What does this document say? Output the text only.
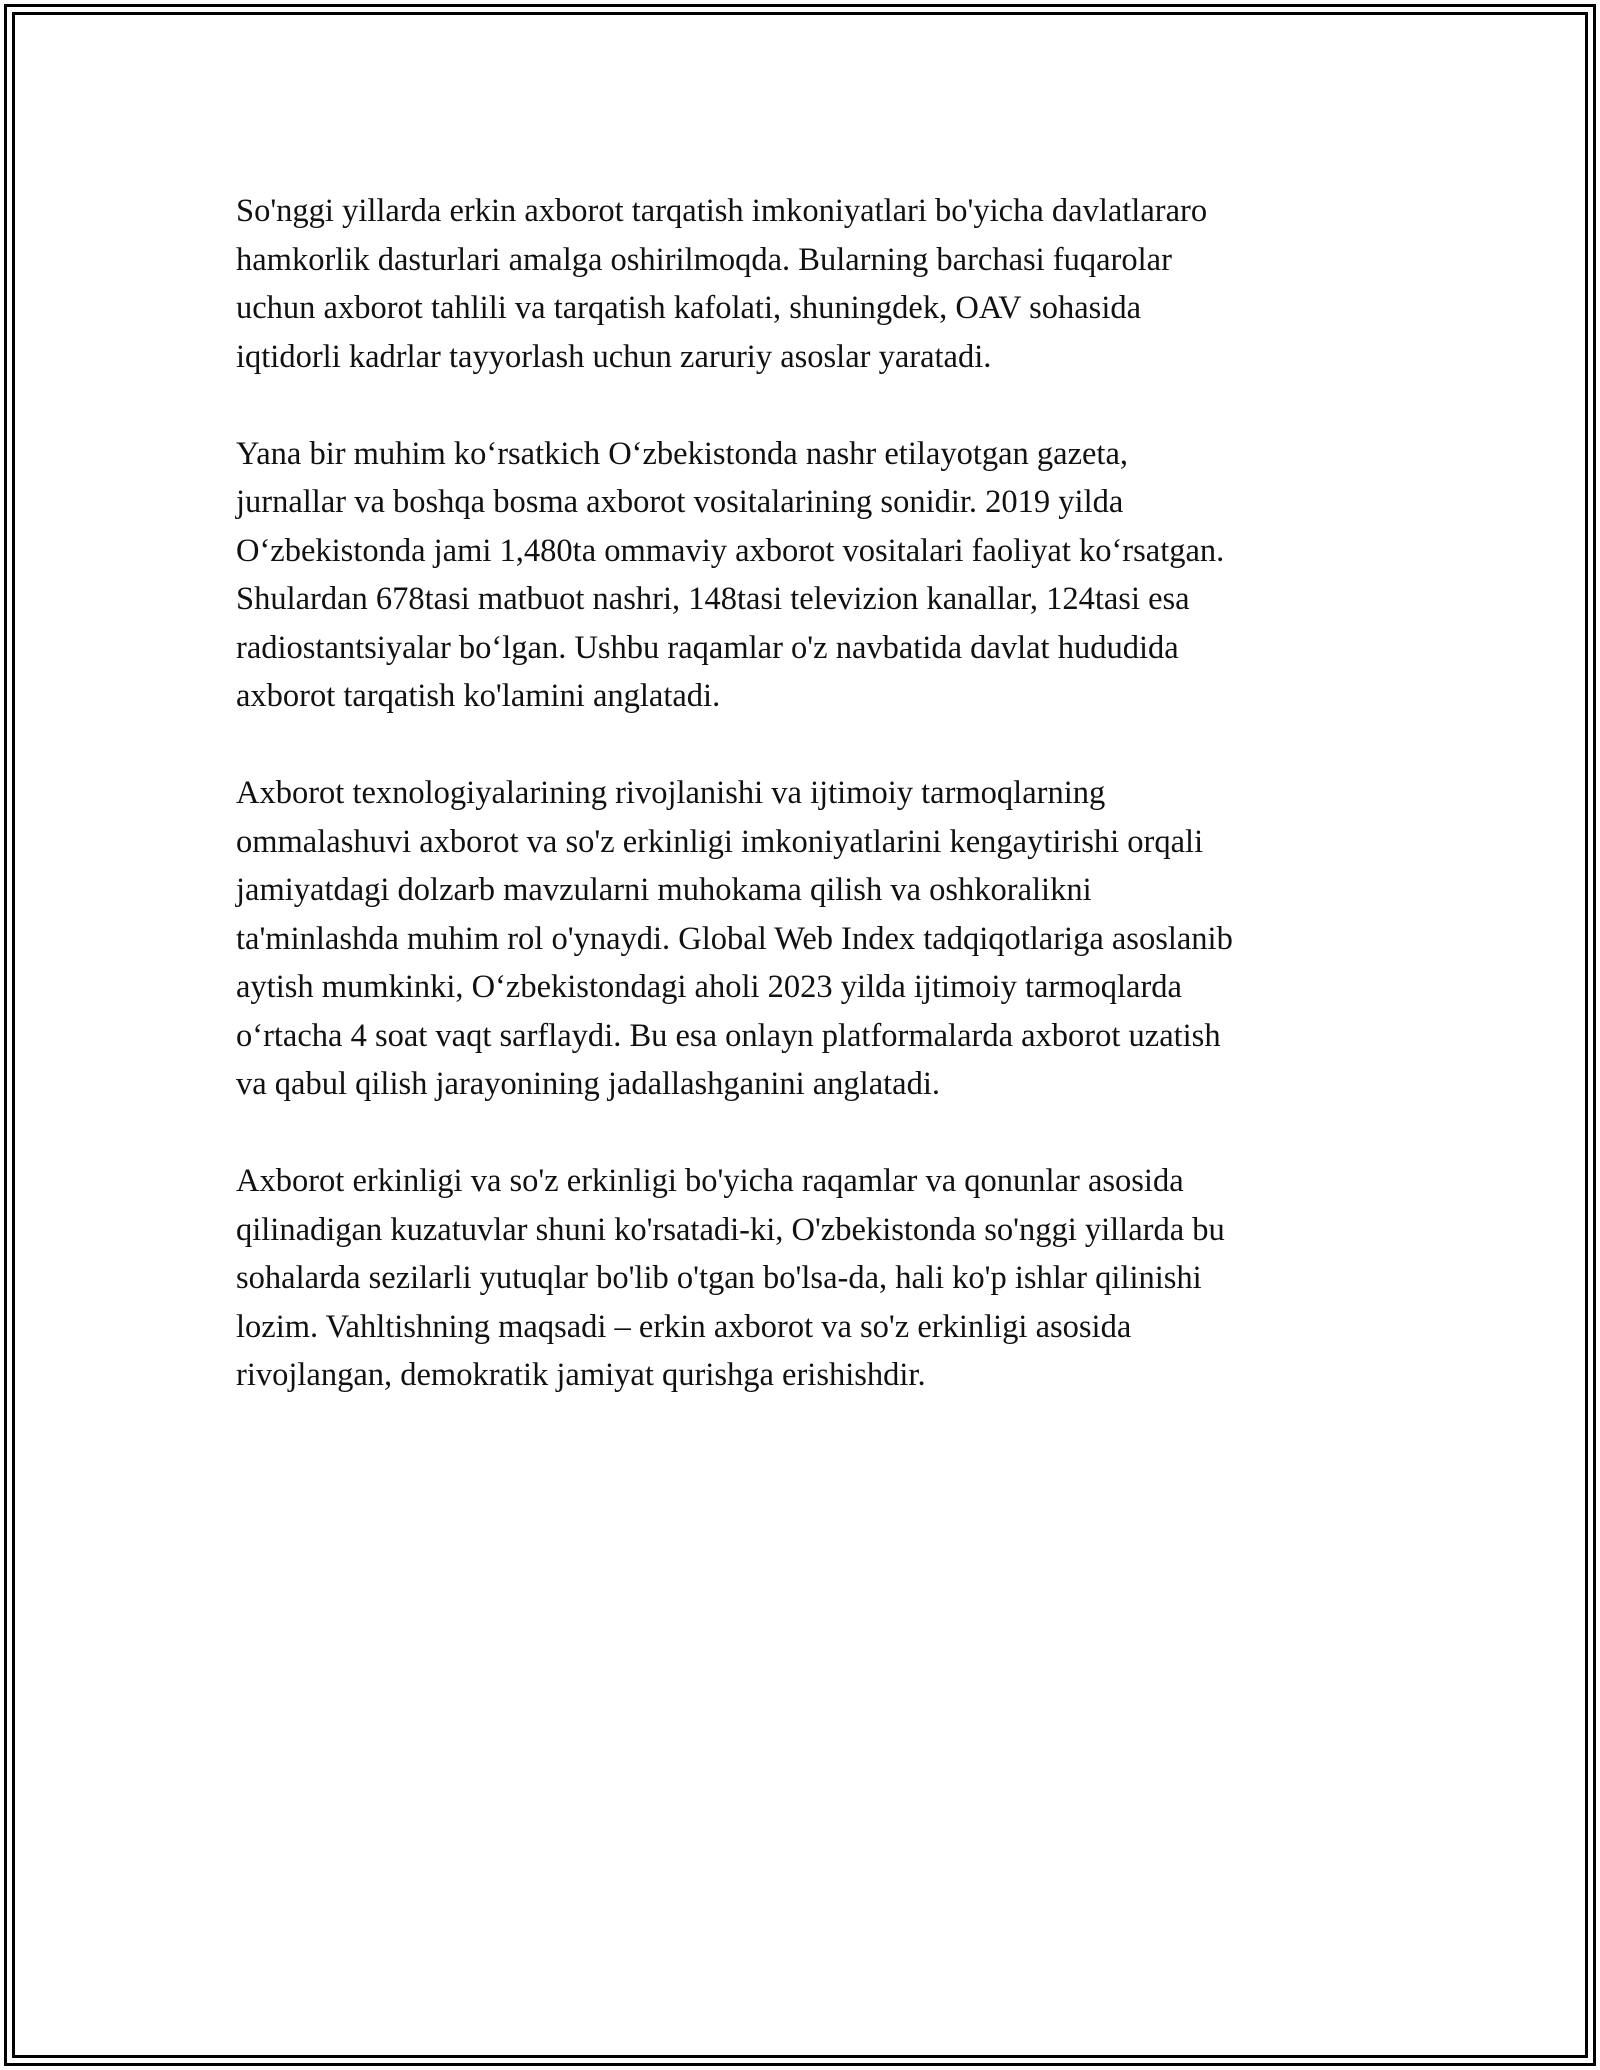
So'nggi yillarda erkin axborot tarqatish imkoniyatlari bo'yicha davlatlararo
hamkorlik dasturlari amalga oshirilmoqda. Bularning barchasi fuqarolar
uchun axborot tahlili va tarqatish kafolati, shuningdek, OAV sohasida
iqtidorli kadrlar tayyorlash uchun zaruriy asoslar yaratadi.

Yana bir muhim ko‘rsatkich O‘zbekistonda nashr etilayotgan gazeta,
jurnallar va boshqa bosma axborot vositalarining sonidir. 2019 yilda
O‘zbekistonda jami 1,480ta ommaviy axborot vositalari faoliyat ko‘rsatgan.
Shulardan 678tasi matbuot nashri, 148tasi televizion kanallar, 124tasi esa
radiostantsiyalar bo‘lgan. Ushbu raqamlar o'z navbatida davlat hududida
axborot tarqatish ko'lamini anglatadi.

Axborot texnologiyalarining rivojlanishi va ijtimoiy tarmoqlarning
ommalashuvi axborot va so'z erkinligi imkoniyatlarini kengaytirishi orqali
jamiyatdagi dolzarb mavzularni muhokama qilish va oshkoralikni
ta'minlashda muhim rol o'ynaydi. Global Web Index tadqiqotlariga asoslanib
aytish mumkinki, O‘zbekistondagi aholi 2023 yilda ijtimoiy tarmoqlarda
o‘rtacha 4 soat vaqt sarflaydi. Bu esa onlayn platformalarda axborot uzatish
va qabul qilish jarayonining jadallashganini anglatadi.

Axborot erkinligi va so'z erkinligi bo'yicha raqamlar va qonunlar asosida
qilinadigan kuzatuvlar shuni ko'rsatadi-ki, O'zbekistonda so'nggi yillarda bu
sohalarda sezilarli yutuqlar bo'lib o'tgan bo'lsa-da, hali ko'p ishlar qilinishi
lozim. Vahltishning maqsadi – erkin axborot va so'z erkinligi asosida
rivojlangan, demokratik jamiyat qurishga erishishdir.
